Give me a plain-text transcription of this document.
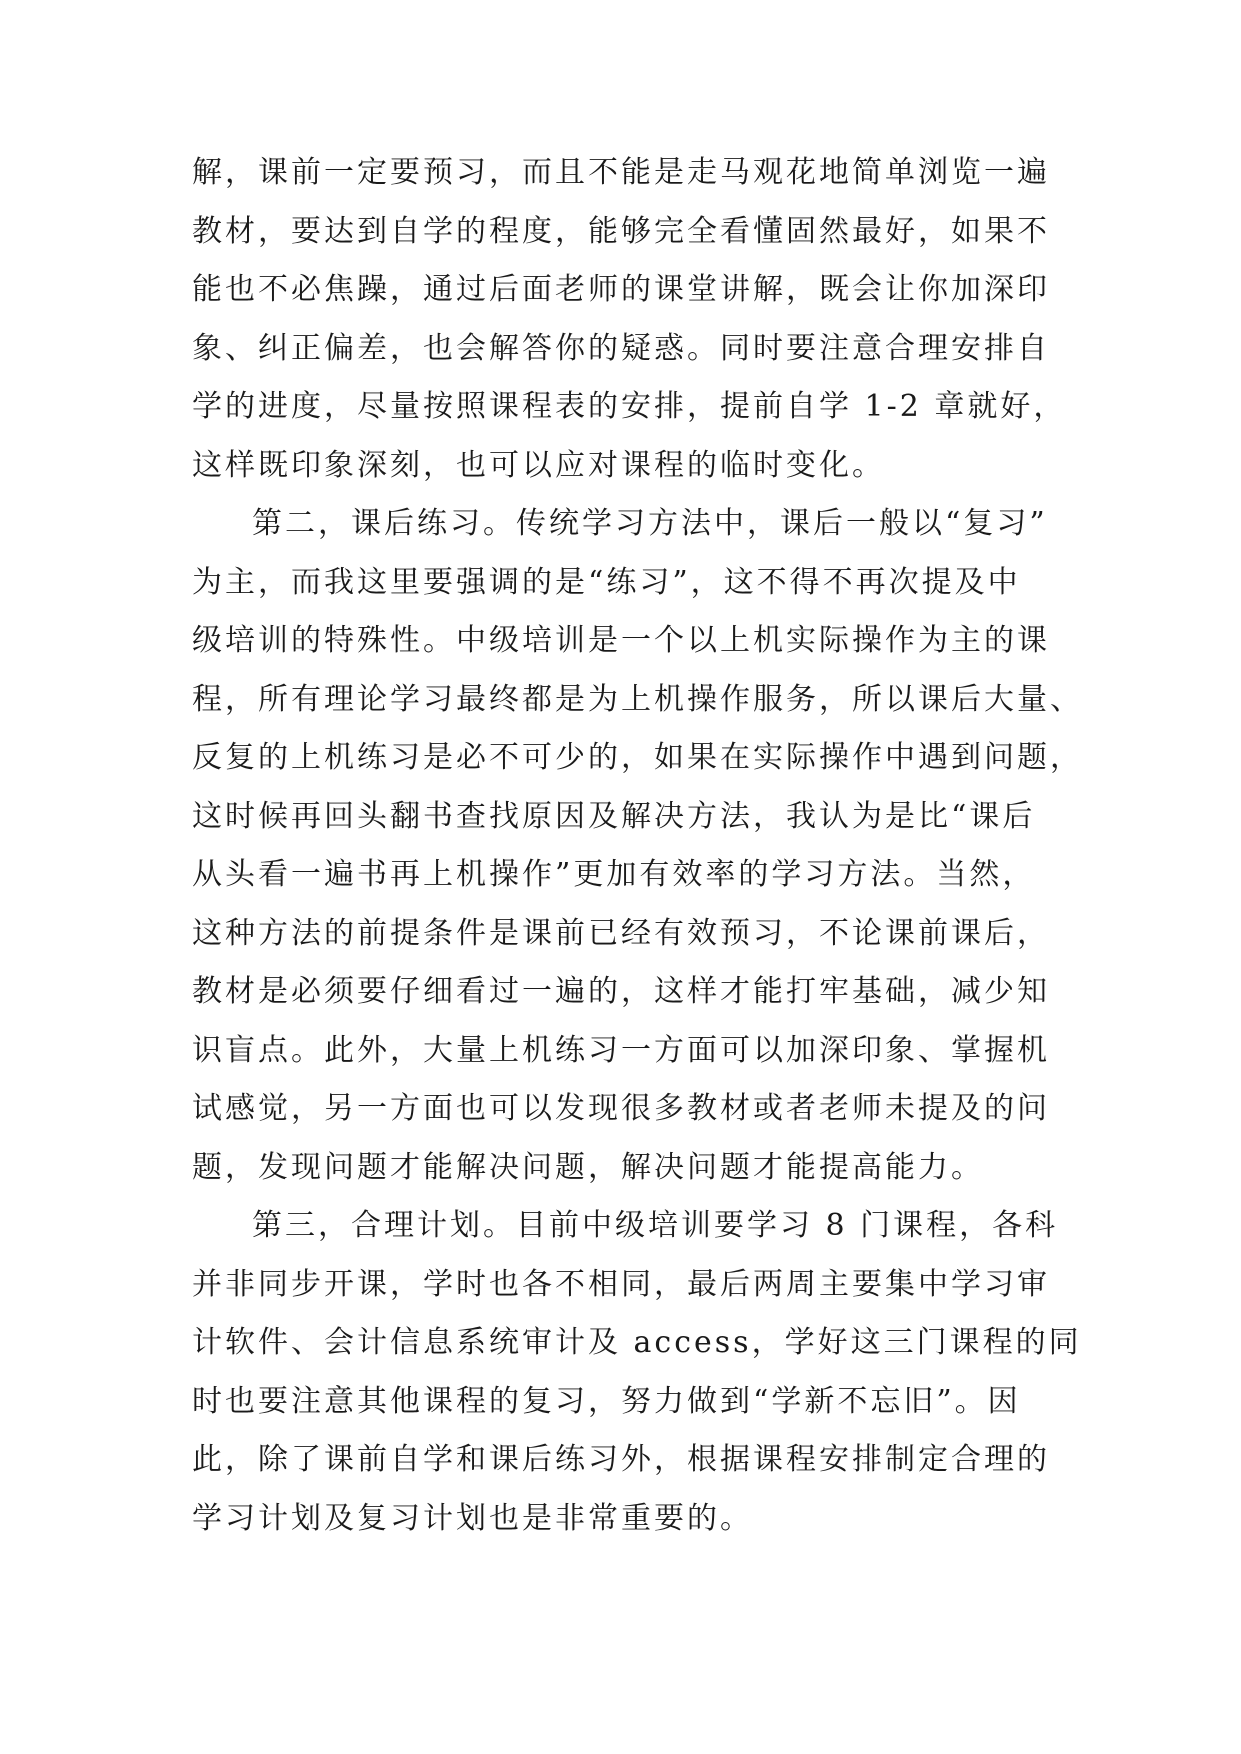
解，课前一定要预习，而且不能是走马观花地简单浏览一遍
教材，要达到自学的程度，能够完全看懂固然最好，如果不
能也不必焦躁，通过后面老师的课堂讲解，既会让你加深印
象、纠正偏差，也会解答你的疑惑。同时要注意合理安排自
学的进度，尽量按照课程表的安排，提前自学 1-2 章就好，
这样既印象深刻，也可以应对课程的临时变化。
第二，课后练习。传统学习方法中，课后一般以“复习”
为主，而我这里要强调的是“练习”，这不得不再次提及中
级培训的特殊性。中级培训是一个以上机实际操作为主的课
程，所有理论学习最终都是为上机操作服务，所以课后大量、
反复的上机练习是必不可少的，如果在实际操作中遇到问题，
这时候再回头翻书查找原因及解决方法，我认为是比“课后
从头看一遍书再上机操作”更加有效率的学习方法。当然，
这种方法的前提条件是课前已经有效预习，不论课前课后，
教材是必须要仔细看过一遍的，这样才能打牢基础，减少知
识盲点。此外，大量上机练习一方面可以加深印象、掌握机
试感觉，另一方面也可以发现很多教材或者老师未提及的问
题，发现问题才能解决问题，解决问题才能提高能力。
第三，合理计划。目前中级培训要学习 8 门课程，各科
并非同步开课，学时也各不相同，最后两周主要集中学习审
计软件、会计信息系统审计及 access，学好这三门课程的同
时也要注意其他课程的复习，努力做到“学新不忘旧”。因
此，除了课前自学和课后练习外，根据课程安排制定合理的
学习计划及复习计划也是非常重要的。
